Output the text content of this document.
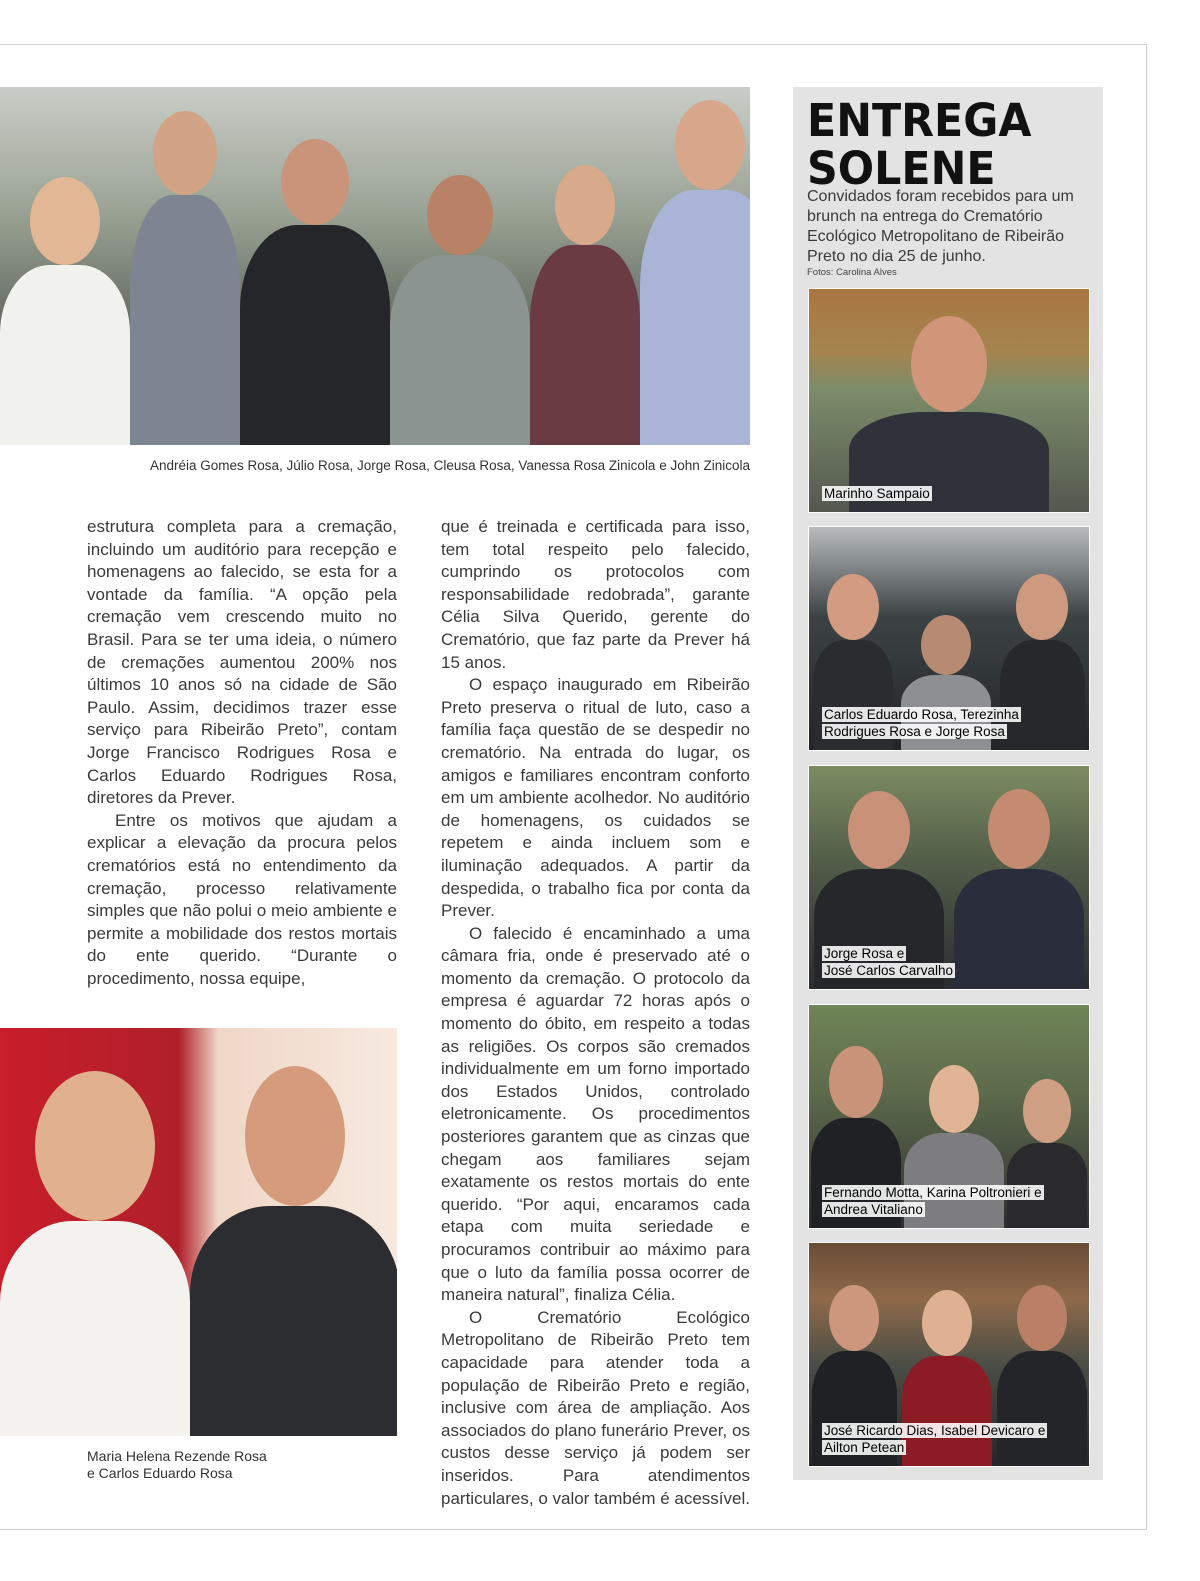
Andréia Gomes Rosa, Júlio Rosa, Jorge Rosa, Cleusa Rosa, Vanessa Rosa Zinicola e John Zinicola

estrutura completa para a cremação, incluindo um auditório para recepção e homenagens ao falecido, se esta for a vontade da família. “A opção pela cremação vem crescendo muito no Brasil. Para se ter uma ideia, o número de cremações aumentou 200% nos últimos 10 anos só na cidade de São Paulo. Assim, decidimos trazer esse serviço para Ribeirão Preto”, contam Jorge Francisco Rodrigues Rosa e Carlos Eduardo Rodrigues Rosa, diretores da Prever.

Entre os motivos que ajudam a explicar a elevação da procura pelos crematórios está no entendimento da cremação, processo relativamente simples que não polui o meio ambiente e permite a mobilidade dos restos mortais do ente querido. “Durante o procedimento, nossa equipe,

que é treinada e certificada para isso, tem total respeito pelo falecido, cumprindo os protocolos com responsabilidade redobrada”, garante Célia Silva Querido, gerente do Crematório, que faz parte da Prever há 15 anos.

O espaço inaugurado em Ribeirão Preto preserva o ritual de luto, caso a família faça questão de se despedir no crematório. Na entrada do lugar, os amigos e familiares encontram conforto em um ambiente acolhedor. No auditório de homenagens, os cuidados se repetem e ainda incluem som e iluminação adequados. A partir da despedida, o trabalho fica por conta da Prever.

O falecido é encaminhado a uma câmara fria, onde é preservado até o momento da cremação. O protocolo da empresa é aguardar 72 horas após o momento do óbito, em respeito a todas as religiões. Os corpos são cremados individualmente em um forno importado dos Estados Unidos, controlado eletronicamente. Os procedimentos posteriores garantem que as cinzas que chegam aos familiares sejam exatamente os restos mortais do ente querido. “Por aqui, encaramos cada etapa com muita seriedade e procuramos contribuir ao máximo para que o luto da família possa ocorrer de maneira natural”, finaliza Célia.

O Crematório Ecológico Metropolitano de Ribeirão Preto tem capacidade para atender toda a população de Ribeirão Preto e região, inclusive com área de ampliação. Aos associados do plano funerário Prever, os custos desse serviço já podem ser inseridos. Para atendimentos particulares, o valor também é acessível.

Maria Helena Rezende Rosa
e Carlos Eduardo Rosa
ENTREGA
SOLENE
Convidados foram recebidos para um brunch na entrega do Crematório Ecológico Metropolitano de Ribeirão Preto no dia 25 de junho.
Fotos: Carolina Alves
Marinho Sampaio
Carlos Eduardo Rosa, Terezinha
Rodrigues Rosa e Jorge Rosa
Jorge Rosa e
José Carlos Carvalho
Fernando Motta, Karina Poltronieri e
Andrea Vitaliano
José Ricardo Dias, Isabel Devicaro e
Ailton Petean
